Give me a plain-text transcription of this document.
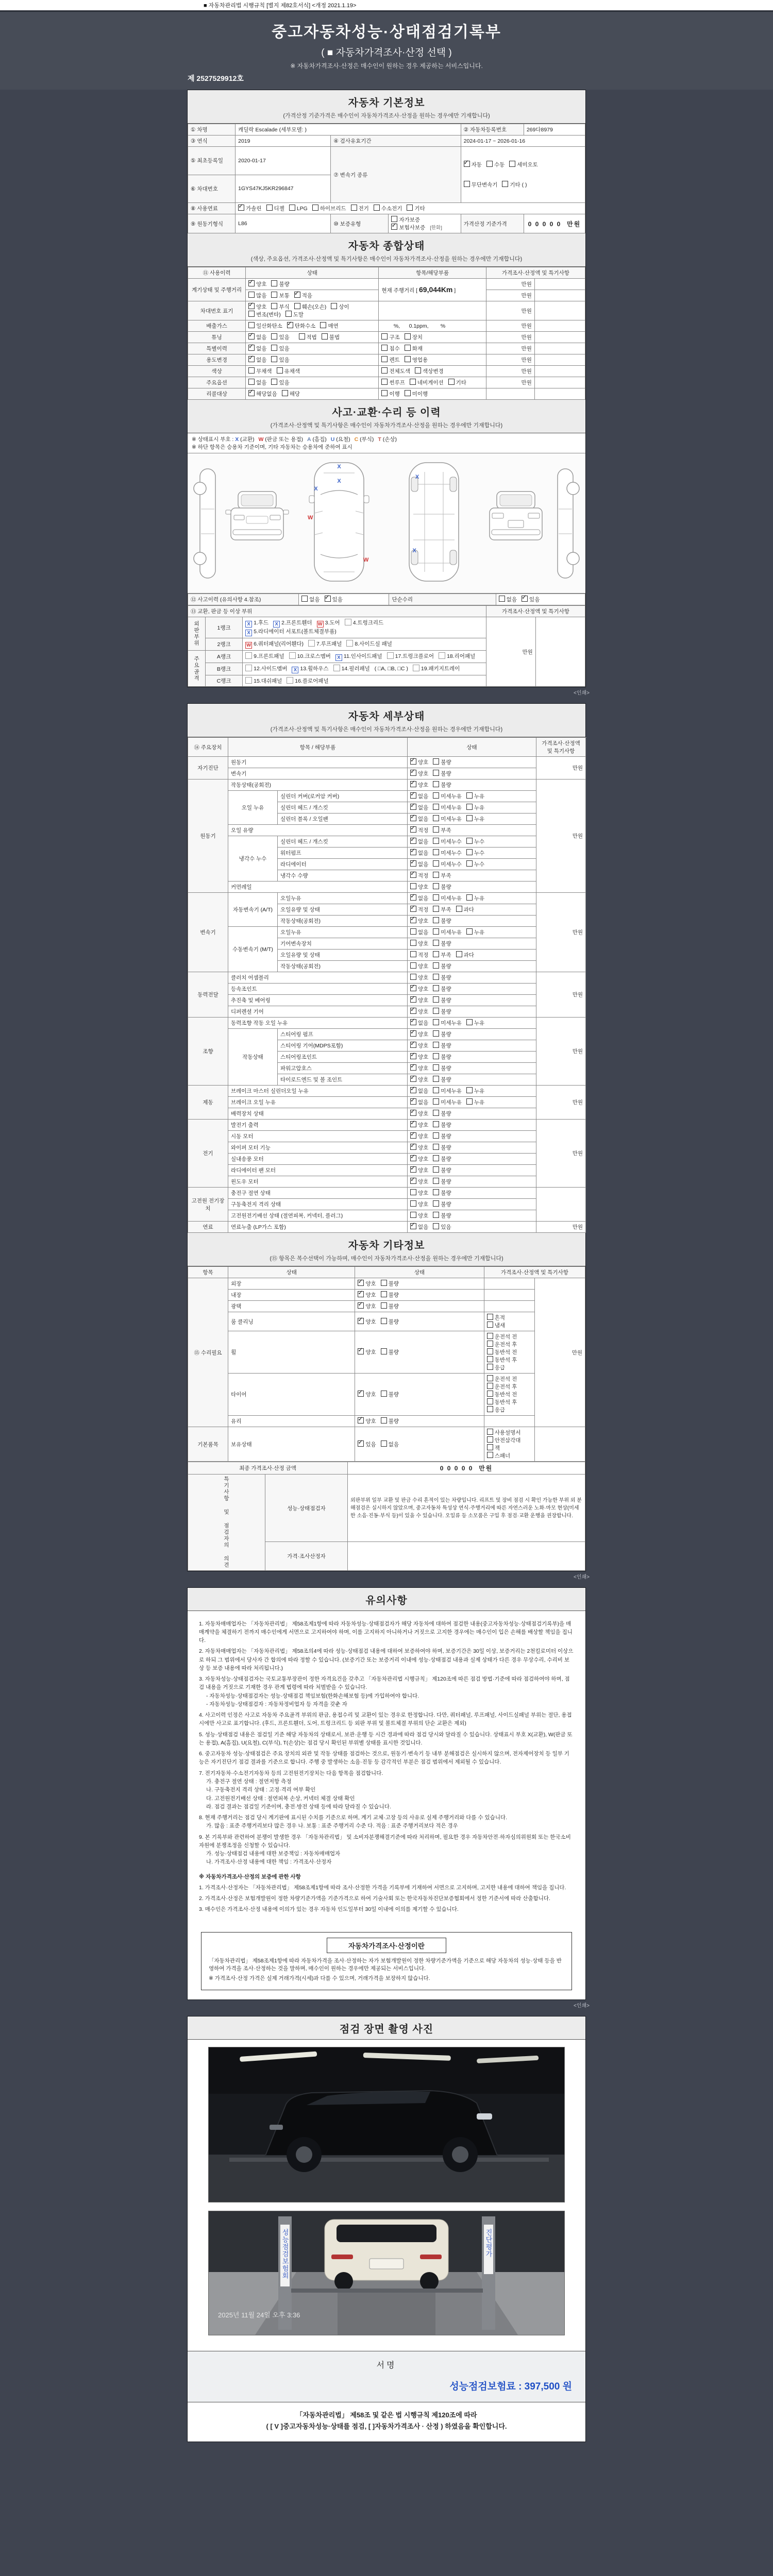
■ 자동차관리법 시행규칙 [별지 제82호서식] <개정 2021.1.19>
중고자동차성능·상태점검기록부
( ■ 자동차가격조사·산정 선택 )
※ 자동차가격조사·산정은 매수인이 원하는 경우 제공하는 서비스입니다.
제 2527529912호
자동차 기본정보
(가격산정 기준가격은 매수인이 자동차가격조사·산정을 원하는 경우에만 기재합니다)
① 차명	캐딜락 Escalade (세부모델: )			② 자동차등록번호	269다8979
③ 연식	2019	④ 검사유효기간		2024-01-17 ~ 2026-01-16	
⑤ 최초등록일	2020-01-17	⑦ 변속기 종류	

✓자동 수동 세미오토

무단변속기 기타 ( )

⑥ 차대번호	1GYS47KJ5KR296847				
⑧ 사용연료	✓가솔린 디젤 LPG 하이브리드 전기 수소전기 기타
⑨ 원동기형식	L86	⑩ 보증유형	자가보증✓보험사보증 [한화]	가격산정 기준가격	0 0 0 0 0  만원
자동차 종합상태
(색상, 주요옵션, 가격조사·산정액 및 특기사항은 매수인이 자동차가격조사·산정을 원하는 경우에만 기재합니다)
⑪ 사용이력	상태	항목/해당부품	가격조사·산정액 및 특기사항	
계기상태 및 주행거리	✓양호 불량	현재 주행거리 [ 69,044Km ]	만원	
	많음 보통 ✓ 적음		만원	
차대번호 표기	✓양호 부식 훼손(오손) 상이변조(변타) 도말		만원	
배출가스	일산화탄소 ✓ 탄화수소 매연	%,      0.1ppm,        %	만원	
튜닝	✓없음 있음 적법 불법	구조 장치	만원	
특별이력	✓없음 있음	침수 화재	만원	
용도변경	✓없음 있음	렌트 영업용	만원	
색상	무채색 유채색	전체도색 색상변경	만원	
주요옵션	없음 있음	썬루프 네비게이션 기타	만원	
리콜대상	✓해당없음 해당	이행 미이행		
사고·교환·수리 등 이력
(가격조사·산정액 및 특기사항은 매수인이 자동차가격조사·산정을 원하는 경우에만 기재합니다)
※ 상태표시 부호 : X (교환) W (판금 또는 용접) A (흠집) U (요철) C (부식) T (손상)
※ 하단 항목은 승용차 기준이며, 기타 자동차는 승용차에 준하여 표시
X
X
X
W
W
X
X
⑫ 사고이력 (유의사항 4.참조)	없음 ✓ 있음	단순수리	없음 ✓ 있음
⑬ 교환, 판금 등 이상 부위			가격조사·산정액 및 특기사항	
외판부위	1랭크	X 1.후드 X 2.프론트휀더 W 3.도어 4.트렁크리드X 5.라디에이터 서포트(볼트체결부품)	만원	
	2랭크	W 6.쿼터패널(리어휀다) 7.루프패널 8.사이드실 패널		
주요골격	A랭크	9.프론트패널 10.크로스멤버 X 11.인사이드패널 17.트렁크플로어 18.리어패널		
	B랭크	12.사이드멤버 X 13.휠하우스 14.필러패널 ( □A, □B, □C ) 19.패키지트레이		
	C랭크	15.대쉬패널 16.플로어패널		
<인쇄>
자동차 세부상태
(가격조사·산정액 및 특기사항은 매수인이 자동차가격조사·산정을 원하는 경우에만 기재합니다)
⑭ 주요장치	항목 / 해당부품		상태	가격조사·산정액 및 특기사항	
자기진단	원동기	✓양호 불량	만원	
	변속기	✓양호 불량
원동기	작동상태(공회전)	✓양호 불량	만원	
	오일 누유	실린더 커버(로커암 커버)	✓없음 미세누유 누유
		실린더 헤드 / 개스킷	✓없음 미세누유 누유
		실린더 블록 / 오일팬	✓없음 미세누유 누유
	오일 유량	✓적정 부족
	냉각수 누수	실린더 헤드 / 개스킷	✓없음 미세누수 누수
		워터펌프	✓없음 미세누수 누수
		라디에이터	✓없음 미세누수 누수
		냉각수 수량	✓적정 부족
	커먼레일		양호 불량		
변속기	자동변속기 (A/T)	오일누유	✓없음 미세누유 누유	만원	
		오일유량 및 상태	✓적정 부족 과다
		작동상태(공회전)	✓양호 불량
	수동변속기 (M/T)	오일누유	없음 미세누유 누유		
		기어변속장치	양호 불량		
		오일유량 및 상태	적정 부족 과다		
		작동상태(공회전)	양호 불량		
동력전달	클러치 어셈블리		양호 불량	만원	
	등속조인트	✓양호 불량
	추진축 및 베어링	✓양호 불량
	디퍼렌셜 기어	✓양호 불량
조향	동력조향 작동 오일 누유	✓없음 미세누유 누유	만원	
	작동상태	스티어링 펌프	✓양호 불량
		스티어링 기어(MDPS포함)	✓양호 불량
		스티어링조인트	✓양호 불량
		파워고압호스	✓양호 불량
		타이로드엔드 및 볼 조인트	✓양호 불량
제동	브레이크 마스터 실린더오일 누유	✓없음 미세누유 누유	만원	
	브레이크 오일 누유	✓없음 미세누유 누유
	배력장치 상태	✓양호 불량
전기	발전기 출력	✓양호 불량	만원	
	시동 모터	✓양호 불량
	와이퍼 모터 기능	✓양호 불량
	실내송풍 모터	✓양호 불량
	라디에이터 팬 모터	✓양호 불량
	윈도우 모터	✓양호 불량
고전원 전기장치	충전구 절연 상태		양호 불량		
	구동축전지 격리 상태		양호 불량		
	고전원전기배선 상태 (절연피복, 커넥터, 플러그)		양호 불량		
연료	연료누출 (LP가스 포함)	✓없음 있음	만원	
자동차 기타정보
(⑮ 항목은 복수선택이 가능하며, 매수인이 자동차가격조사·산정을 원하는 경우에만 기재합니다)
항목	상태	상태	가격조사·산정액 및 특기사항	
⑮ 수리필요	외장	✓양호 불량		만원
	내장	✓양호 불량	
	광택	✓양호 불량	
	룸 클리닝	✓양호 불량	흔적냄새	
	휠	✓양호 불량	운전석 전운전석 후동반석 전동반석 후응급	
	타이어	✓양호 불량	운전석 전운전석 후동반석 전동반석 후응급	
	유리	✓양호 불량	
기본품목	보유상태	✓있음 없음	사용설명서안전삼각대잭스패너	
최종 가격조사·산정 금액		0 0 0 0 0  만원
특기사항 및 점검자의 의견	성능·상태점검자	외판부위 일부 교환 및 판금 수리 흔적이 있는 차량입니다. 리프트 및 장비 점검 시 확인 가능한 부위 외 분해점검은 실시하지 않았으며, 중고자동차 특성상 연식·주행거리에 따른 자연스러운 노화·마모 현상(미세한 소음·진동·부식 등)이 있을 수 있습니다. 오일류 등 소모품은 구입 후 점검·교환 운행을 권장합니다.
	가격·조사산정자	
<인쇄>
유의사항
1. 자동차매매업자는 「자동차관리법」 제58조제1항에 따라 자동차성능·상태점검자가 해당 자동차에 대하여 점검한 내용(중고자동차성능·상태점검기록부)을 매매계약을 체결하기 전까지 매수인에게 서면으로 고지하여야 하며, 이를 고지하지 아니하거나 거짓으로 고지한 경우에는 매수인이 입은 손해를 배상할 책임을 집니다.
2. 자동차매매업자는 「자동차관리법」 제58조의4에 따라 성능·상태점검 내용에 대하여 보증하여야 하며, 보증기간은 30일 이상, 보증거리는 2천킬로미터 이상으로 하되 그 범위에서 당사자 간 합의에 따라 정할 수 있습니다. (보증기간 또는 보증거리 이내에 성능·상태점검 내용과 실제 상태가 다른 경우 무상수리, 수리비 보상 등 보증 내용에 따라 처리됩니다.)
3. 자동차성능·상태점검자는 국토교통부장관이 정한 자격요건을 갖추고 「자동차관리법 시행규칙」 제120조에 따른 점검 방법·기준에 따라 점검하여야 하며, 점검 내용을 거짓으로 기재한 경우 관계 법령에 따라 처벌받을 수 있습니다.
- 자동차성능·상태점검자는 성능·상태점검 책임보험(한화손해보험 등)에 가입하여야 합니다.
- 자동차성능·상태점검자 : 자동차정비업자 등 자격을 갖춘 자
4. 사고이력 인정은 사고로 자동차 주요골격 부위의 판금, 용접수리 및 교환이 있는 경우로 한정합니다. 다만, 쿼터패널, 루프패널, 사이드실패널 부위는 절단, 용접 시에만 사고로 표기합니다. (후드, 프론트휀더, 도어, 트렁크리드 등 외판 부위 및 볼트체결 부위의 단순 교환은 제외)
5. 성능·상태점검 내용은 점검일 기준 해당 자동차의 상태로서, 보관·운행 등 시간 경과에 따라 점검 당시와 달라질 수 있습니다. 상태표시 부호 X(교환), W(판금 또는 용접), A(흠집), U(요철), C(부식), T(손상)는 점검 당시 확인된 부위별 상태를 표시한 것입니다.
6. 중고자동차 성능·상태점검은 주요 장치의 외관 및 작동 상태를 점검하는 것으로, 원동기·변속기 등 내부 분해점검은 실시하지 않으며, 전자제어장치 등 일부 기능은 자기진단기 점검 결과를 기준으로 합니다. 주행 중 발생하는 소음·진동 등 감각적인 부분은 점검 범위에서 제외될 수 있습니다.
7. 전기자동차·수소전기자동차 등의 고전원전기장치는 다음 항목을 점검합니다.
가. 충전구 절연 상태 : 절연저항 측정
나. 구동축전지 격리 상태 : 고정·격리 여부 확인
다. 고전원전기배선 상태 : 절연피복 손상, 커넥터 체결 상태 확인
라. 점검 결과는 점검일 기준이며, 충전·방전 상태 등에 따라 달라질 수 있습니다.
8. 현재 주행거리는 점검 당시 계기판에 표시된 수치를 기준으로 하며, 계기 교체·고장 등의 사유로 실제 주행거리와 다를 수 있습니다.
가. 많음 : 표준 주행거리보다 많은 경우 나. 보통 : 표준 주행거리 수준 다. 적음 : 표준 주행거리보다 적은 경우
9. 본 기록부와 관련하여 분쟁이 발생한 경우 「자동차관리법」 및 소비자분쟁해결기준에 따라 처리하며, 필요한 경우 자동차안전·하자심의위원회 또는 한국소비자원에 분쟁조정을 신청할 수 있습니다.
가. 성능·상태점검 내용에 대한 보증책임 : 자동차매매업자
나. 가격조사·산정 내용에 대한 책임 : 가격조사·산정자
※ 자동차가격조사·산정의 보증에 관한 사항
1. 가격조사·산정자는 「자동차관리법」 제58조제1항에 따라 조사·산정한 가격을 기록부에 기재하여 서면으로 고지하며, 고지한 내용에 대하여 책임을 집니다.
2. 가격조사·산정은 보험개발원이 정한 차량기준가액을 기준가격으로 하여 기술사회 또는 한국자동차진단보증협회에서 정한 기준서에 따라 산출합니다.
3. 매수인은 가격조사·산정 내용에 이의가 있는 경우 자동차 인도일부터 30일 이내에 이의를 제기할 수 있습니다.
자동차가격조사·산정이란
「자동차관리법」 제58조제1항에 따라 자동차가격을 조사·산정하는 자가 보험개발원이 정한 차량기준가액을 기준으로 해당 자동차의 성능·상태 등을 반영하여 가격을 조사·산정하는 것을 말하며, 매수인이 원하는 경우에만 제공되는 서비스입니다.
※ 가격조사·산정 가격은 실제 거래가격(시세)과 다를 수 있으며, 거래가격을 보장하지 않습니다.
<인쇄>
점검 장면 촬영 사진
성능점검보험회	진단평가
2025년 11월 24일 오후 3:36
서명
성능점검보험료 : 397,500 원
「자동차관리법」 제58조 및 같은 법 시행규칙 제120조에 따라
( [ V ]중고자동차성능·상태를 점검, [ ]자동차가격조사 · 산정 ) 하였음을 확인합니다.
